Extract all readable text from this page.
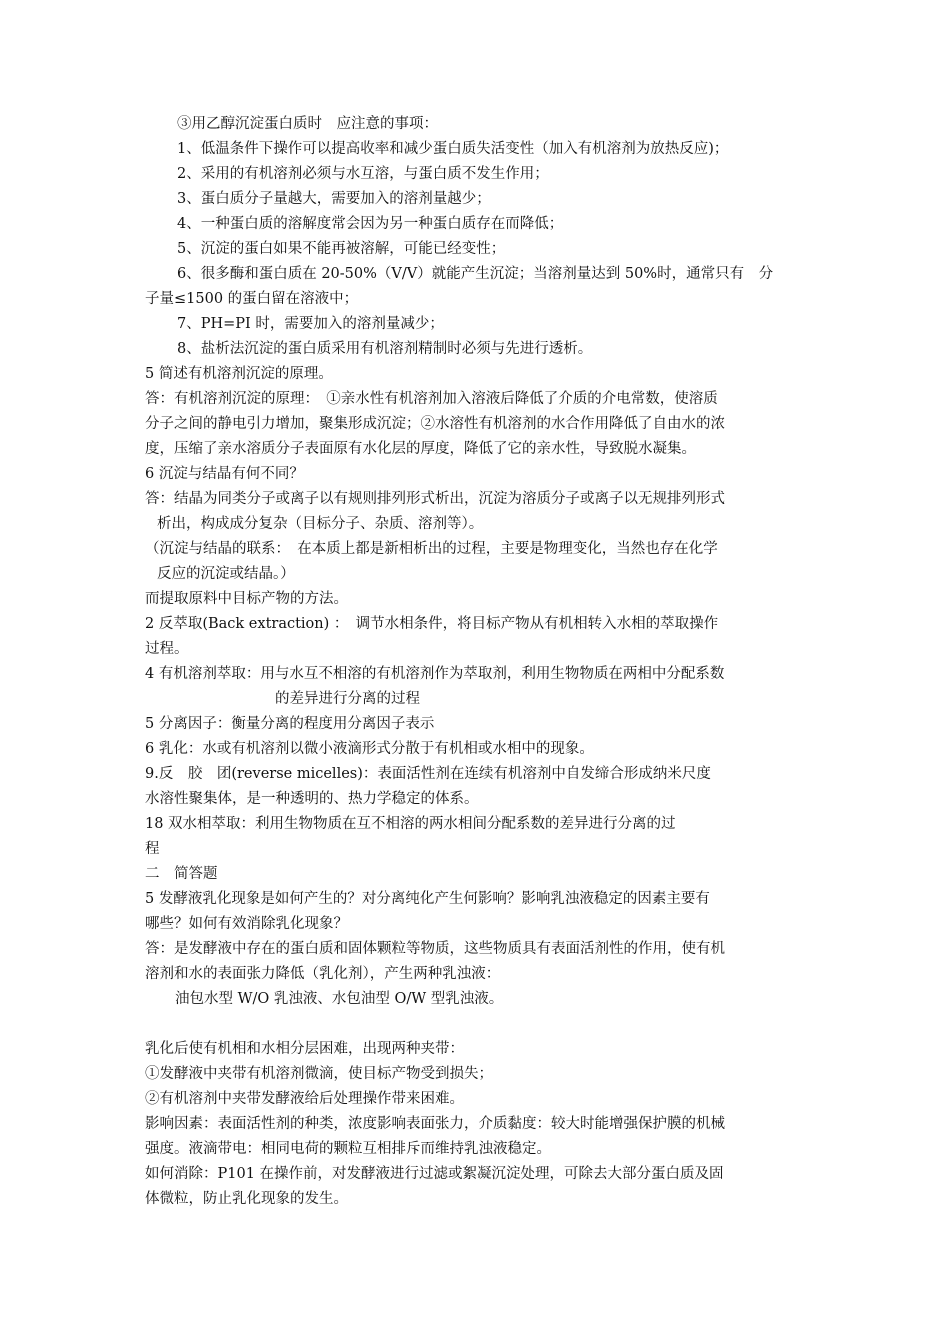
③用乙醇沉淀蛋白质时　应注意的事项：
1、低温条件下操作可以提高收率和减少蛋白质失活变性（加入有机溶剂为放热反应)；
2、采用的有机溶剂必须与水互溶，与蛋白质不发生作用；
3、蛋白质分子量越大，需要加入的溶剂量越少；
4、一种蛋白质的溶解度常会因为另一种蛋白质存在而降低；
5、沉淀的蛋白如果不能再被溶解，可能已经变性；
6、很多酶和蛋白质在 20-50%（V/V）就能产生沉淀；当溶剂量达到 50%时，通常只有　分
子量≤1500 的蛋白留在溶液中；
7、PH=PI 时，需要加入的溶剂量减少；
8、盐析法沉淀的蛋白质采用有机溶剂精制时必须与先进行透析。
5 简述有机溶剂沉淀的原理。
答：有机溶剂沉淀的原理：　①亲水性有机溶剂加入溶液后降低了介质的介电常数，使溶质
分子之间的静电引力增加，聚集形成沉淀；②水溶性有机溶剂的水合作用降低了自由水的浓
度，压缩了亲水溶质分子表面原有水化层的厚度，降低了它的亲水性，导致脱水凝集。
6 沉淀与结晶有何不同？
答：结晶为同类分子或离子以有规则排列形式析出，沉淀为溶质分子或离子以无规排列形式
析出，构成成分复杂（目标分子、杂质、溶剂等）。
（沉淀与结晶的联系：　在本质上都是新相析出的过程，主要是物理变化，当然也存在化学
反应的沉淀或结晶。）
而提取原料中目标产物的方法。
2 反萃取(Back extraction) ：　调节水相条件，将目标产物从有机相转入水相的萃取操作
过程。
4 有机溶剂萃取：用与水互不相溶的有机溶剂作为萃取剂，利用生物物质在两相中分配系数
的差异进行分离的过程
5 分离因子：衡量分离的程度用分离因子表示
6 乳化：水或有机溶剂以微小液滴形式分散于有机相或水相中的现象。
9.反　胶　团(reverse micelles)：表面活性剂在连续有机溶剂中自发缔合形成纳米尺度
水溶性聚集体，是一种透明的、热力学稳定的体系。
18 双水相萃取：利用生物物质在互不相溶的两水相间分配系数的差异进行分离的过
程
二　简答题
5 发酵液乳化现象是如何产生的？对分离纯化产生何影响？影响乳浊液稳定的因素主要有
哪些？如何有效消除乳化现象？
答：是发酵液中存在的蛋白质和固体颗粒等物质，这些物质具有表面活剂性的作用，使有机
溶剂和水的表面张力降低（乳化剂），产生两种乳浊液：
油包水型 W/O 乳浊液、水包油型 O/W 型乳浊液。
乳化后使有机相和水相分层困难，出现两种夹带：
①发酵液中夹带有机溶剂微滴，使目标产物受到损失；
②有机溶剂中夹带发酵液给后处理操作带来困难。
影响因素：表面活性剂的种类，浓度影响表面张力，介质黏度：较大时能增强保护膜的机械
强度。液滴带电：相同电荷的颗粒互相排斥而维持乳浊液稳定。
如何消除：P101 在操作前，对发酵液进行过滤或絮凝沉淀处理，可除去大部分蛋白质及固
体微粒，防止乳化现象的发生。
